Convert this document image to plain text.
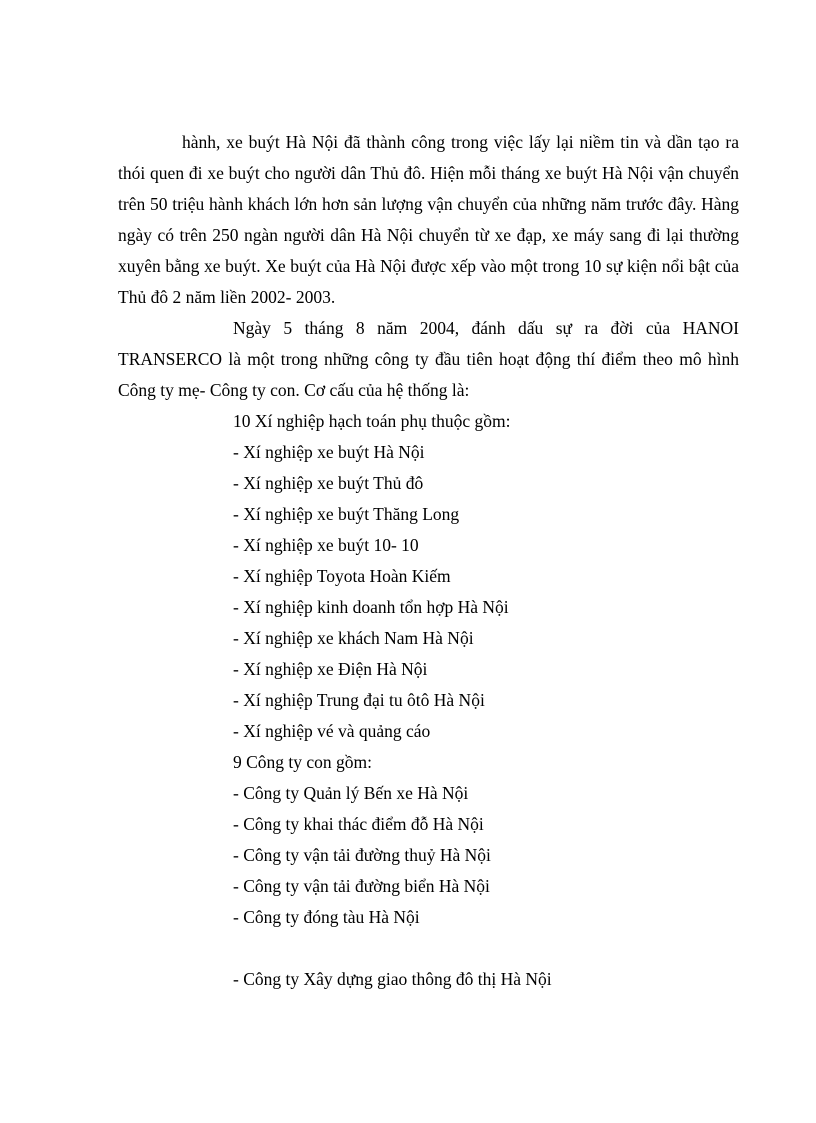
hành, xe buýt Hà Nội đã thành công trong việc lấy lại niềm tin và dần tạo ra thói quen đi xe buýt cho người dân Thủ đô. Hiện mỗi tháng xe buýt Hà Nội vận chuyển trên 50 triệu hành khách lớn hơn sản lượng vận chuyển của những năm trước đây. Hàng ngày có trên 250 ngàn người dân Hà Nội chuyển từ xe đạp, xe máy sang đi lại thường xuyên bằng xe buýt. Xe buýt của Hà Nội được xếp vào một trong 10 sự kiện nổi bật của Thủ đô 2 năm liền 2002- 2003.

Ngày 5 tháng 8 năm 2004, đánh dấu sự ra đời của HANOI TRANSERCO là một trong những công ty đầu tiên hoạt động thí điểm theo mô hình Công ty mẹ- Công ty con. Cơ cấu của hệ thống là:

10 Xí nghiệp hạch toán phụ thuộc gồm:
- Xí nghiệp xe buýt Hà Nội
- Xí nghiệp xe buýt Thủ đô
- Xí nghiệp xe buýt Thăng Long
- Xí nghiệp xe buýt 10- 10
- Xí nghiệp Toyota Hoàn Kiếm
- Xí nghiệp kinh doanh tổn hợp Hà Nội
- Xí nghiệp xe khách Nam Hà Nội
- Xí nghiệp xe Điện Hà Nội
- Xí nghiệp Trung đại tu ôtô Hà Nội
- Xí nghiệp vé và quảng cáo
9 Công ty con gồm:
- Công ty Quản lý Bến xe Hà Nội
- Công ty khai thác điểm đỗ Hà Nội
- Công ty vận tải đường thuỷ Hà Nội
- Công ty vận tải đường biển Hà Nội
- Công ty đóng tàu Hà Nội
- Công ty Xây dựng giao thông đô thị Hà Nội
